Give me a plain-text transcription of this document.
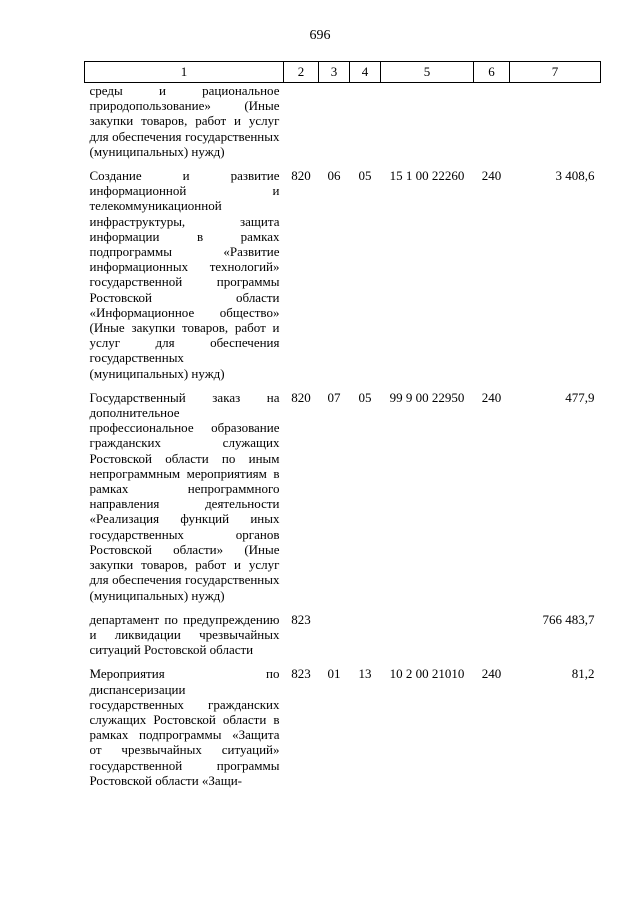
696
1	2	3	4	5	6	7
среды и рациональное природопользование» (Иные закупки товаров, работ и услуг для обеспечения государственных (муниципальных) нужд)						
Создание и развитие информационной и телекоммуникационной инфраструктуры, защита информации в рамках подпрограммы «Развитие информационных технологий» государственной программы Ростовской области «Информационное общество» (Иные закупки товаров, работ и услуг для обеспечения государственных (муниципальных) нужд)	820	06	05	15 1 00 22260	240	3 408,6
Государственный заказ на дополнительное профессиональное образование гражданских служащих Ростовской области по иным непрограммным мероприятиям в рамках непрограммного направления деятельности «Реализация функций иных государственных органов Ростовской области» (Иные закупки товаров, работ и услуг для обеспечения государственных (муниципальных) нужд)	820	07	05	99 9 00 22950	240	477,9
департамент по предупреждению и ликвидации чрезвычайных ситуаций Ростовской области	823					766 483,7
Мероприятия по диспансеризации государственных гражданских служащих Ростовской области в рамках подпрограммы «Защита от чрезвычайных ситуаций» государственной программы Ростовской области «Защи-	823	01	13	10 2 00 21010	240	81,2
